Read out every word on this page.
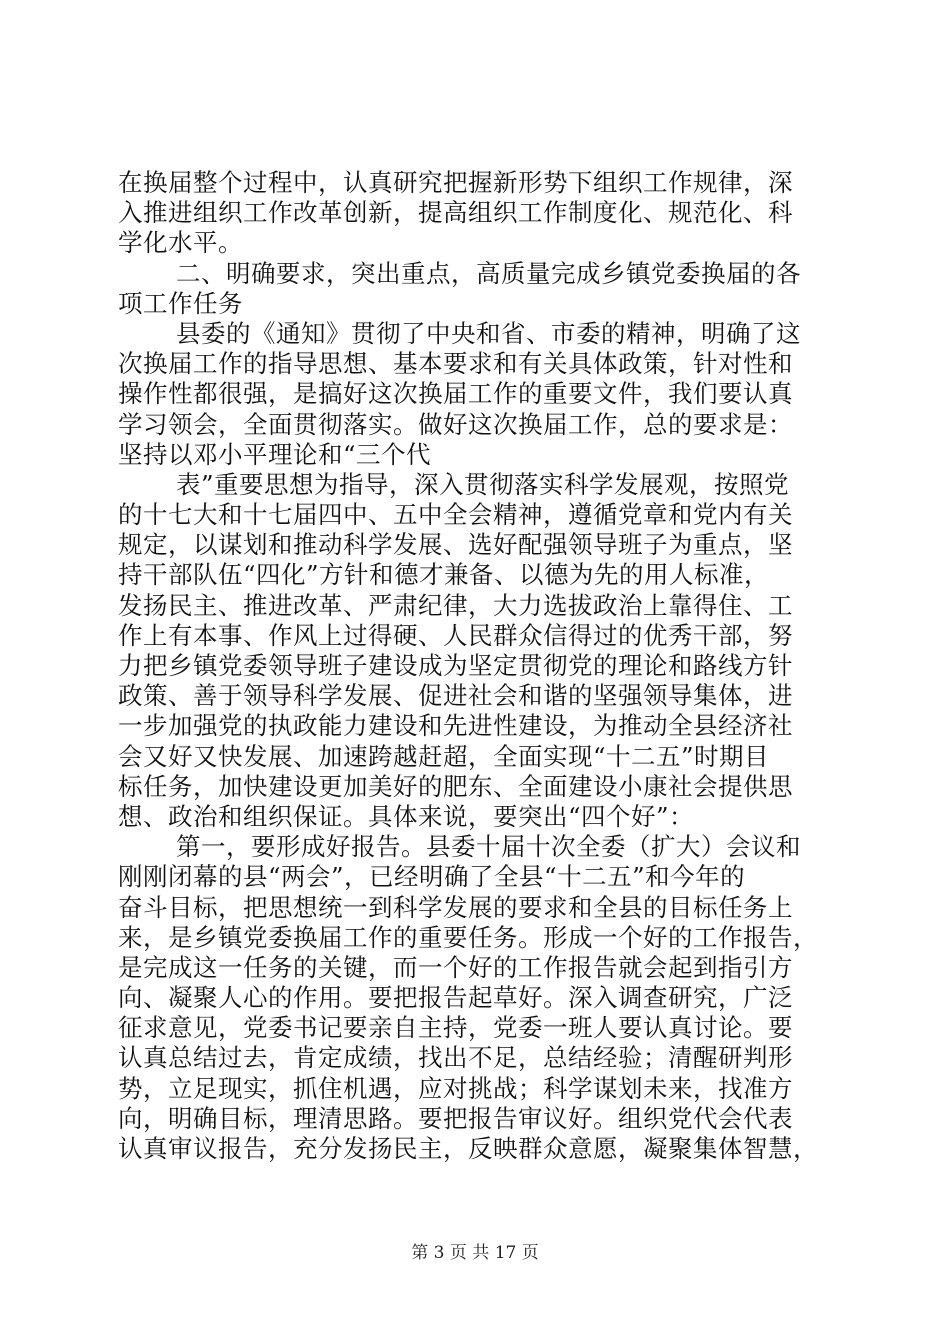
在换届整个过程中，认真研究把握新形势下组织工作规律，深
入推进组织工作改革创新，提高组织工作制度化、规范化、科
学化水平。
二、明确要求，突出重点，高质量完成乡镇党委换届的各
项工作任务
县委的《通知》贯彻了中央和省、市委的精神，明确了这
次换届工作的指导思想、基本要求和有关具体政策，针对性和
操作性都很强，是搞好这次换届工作的重要文件，我们要认真
学习领会，全面贯彻落实。做好这次换届工作，总的要求是：
坚持以邓小平理论和“三个代
表”重要思想为指导，深入贯彻落实科学发展观，按照党
的十七大和十七届四中、五中全会精神，遵循党章和党内有关
规定，以谋划和推动科学发展、选好配强领导班子为重点，坚
持干部队伍“四化”方针和德才兼备、以德为先的用人标准，
发扬民主、推进改革、严肃纪律，大力选拔政治上靠得住、工
作上有本事、作风上过得硬、人民群众信得过的优秀干部，努
力把乡镇党委领导班子建设成为坚定贯彻党的理论和路线方针
政策、善于领导科学发展、促进社会和谐的坚强领导集体，进
一步加强党的执政能力建设和先进性建设，为推动全县经济社
会又好又快发展、加速跨越赶超，全面实现“十二五”时期目
标任务，加快建设更加美好的肥东、全面建设小康社会提供思
想、政治和组织保证。具体来说，要突出“四个好”：
第一，要形成好报告。县委十届十次全委（扩大）会议和
刚刚闭幕的县“两会”，已经明确了全县“十二五”和今年的
奋斗目标，把思想统一到科学发展的要求和全县的目标任务上
来，是乡镇党委换届工作的重要任务。形成一个好的工作报告，
是完成这一任务的关键，而一个好的工作报告就会起到指引方
向、凝聚人心的作用。要把报告起草好。深入调查研究，广泛
征求意见，党委书记要亲自主持，党委一班人要认真讨论。要
认真总结过去，肯定成绩，找出不足，总结经验；清醒研判形
势，立足现实，抓住机遇，应对挑战；科学谋划未来，找准方
向，明确目标，理清思路。要把报告审议好。组织党代会代表
认真审议报告，充分发扬民主，反映群众意愿，凝聚集体智慧，
第 3 页 共 17 页
